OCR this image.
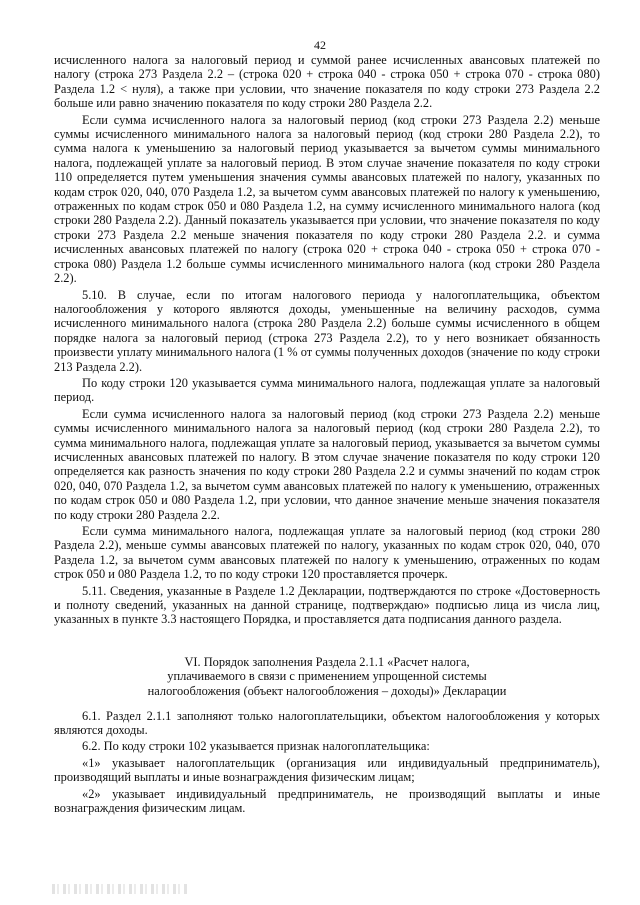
42

исчисленного налога за налоговый период и суммой ранее исчисленных авансовых платежей по налогу (строка 273 Раздела 2.2 – (строка 020 + строка 040 - строка 050 + строка 070 - строка 080) Раздела 1.2 < нуля), а также при условии, что значение показателя по коду строки 273 Раздела 2.2 больше или равно значению показателя по коду строки 280 Раздела 2.2.

Если сумма исчисленного налога за налоговый период (код строки 273 Раздела 2.2) меньше суммы исчисленного минимального налога за налоговый период (код строки 280 Раздела 2.2), то сумма налога к уменьшению за налоговый период указывается за вычетом суммы минимального налога, подлежащей уплате за налоговый период. В этом случае значение показателя по коду строки 110 определяется путем уменьшения значения суммы авансовых платежей по налогу, указанных по кодам строк 020, 040, 070 Раздела 1.2, за вычетом сумм авансовых платежей по налогу к уменьшению, отраженных по кодам строк 050 и 080 Раздела 1.2, на сумму исчисленного минимального налога (код строки 280 Раздела 2.2). Данный показатель указывается при условии, что значение показателя по коду строки 273 Раздела 2.2 меньше значения показателя по коду строки 280 Раздела 2.2. и сумма исчисленных авансовых платежей по налогу (строка 020 + строка 040 - строка 050 + строка 070 - строка 080) Раздела 1.2 больше суммы исчисленного минимального налога (код строки 280 Раздела 2.2).

5.10. В случае, если по итогам налогового периода у налогоплательщика, объектом налогообложения у которого являются доходы, уменьшенные на величину расходов, сумма исчисленного минимального налога (строка 280 Раздела 2.2) больше суммы исчисленного в общем порядке налога за налоговый период (строка 273 Раздела 2.2), то у него возникает обязанность произвести уплату минимального налога (1 % от суммы полученных доходов (значение по коду строки 213 Раздела 2.2).

По коду строки 120 указывается сумма минимального налога, подлежащая уплате за налоговый период.

Если сумма исчисленного налога за налоговый период (код строки 273 Раздела 2.2) меньше суммы исчисленного минимального налога за налоговый период (код строки 280 Раздела 2.2), то сумма минимального налога, подлежащая уплате за налоговый период, указывается за вычетом суммы исчисленных авансовых платежей по налогу. В этом случае значение показателя по коду строки 120 определяется как разность значения по коду строки 280 Раздела 2.2 и суммы значений по кодам строк 020, 040, 070 Раздела 1.2, за вычетом сумм авансовых платежей по налогу к уменьшению, отраженных по кодам строк 050 и 080 Раздела 1.2, при условии, что данное значение меньше значения показателя по коду строки 280 Раздела 2.2.

Если сумма минимального налога, подлежащая уплате за налоговый период (код строки 280 Раздела 2.2), меньше суммы авансовых платежей по налогу, указанных по кодам строк 020, 040, 070 Раздела 1.2, за вычетом сумм авансовых платежей по налогу к уменьшению, отраженных по кодам строк 050 и 080 Раздела 1.2, то по коду строки 120 проставляется прочерк.

5.11. Сведения, указанные в Разделе 1.2 Декларации, подтверждаются по строке «Достоверность и полноту сведений, указанных на данной странице, подтверждаю» подписью лица из числа лиц, указанных в пункте 3.3 настоящего Порядка, и проставляется дата подписания данного раздела.

VI. Порядок заполнения Раздела 2.1.1 «Расчет налога,
уплачиваемого в связи с применением упрощенной системы
налогообложения (объект налогообложения – доходы)» Декларации

6.1. Раздел 2.1.1 заполняют только налогоплательщики, объектом налогообложения у которых являются доходы.

6.2. По коду строки 102 указывается признак налогоплательщика:

«1» указывает налогоплательщик (организация или индивидуальный предприниматель), производящий выплаты и иные вознаграждения физическим лицам;

«2» указывает индивидуальный предприниматель, не производящий выплаты и иные вознаграждения физическим лицам.
